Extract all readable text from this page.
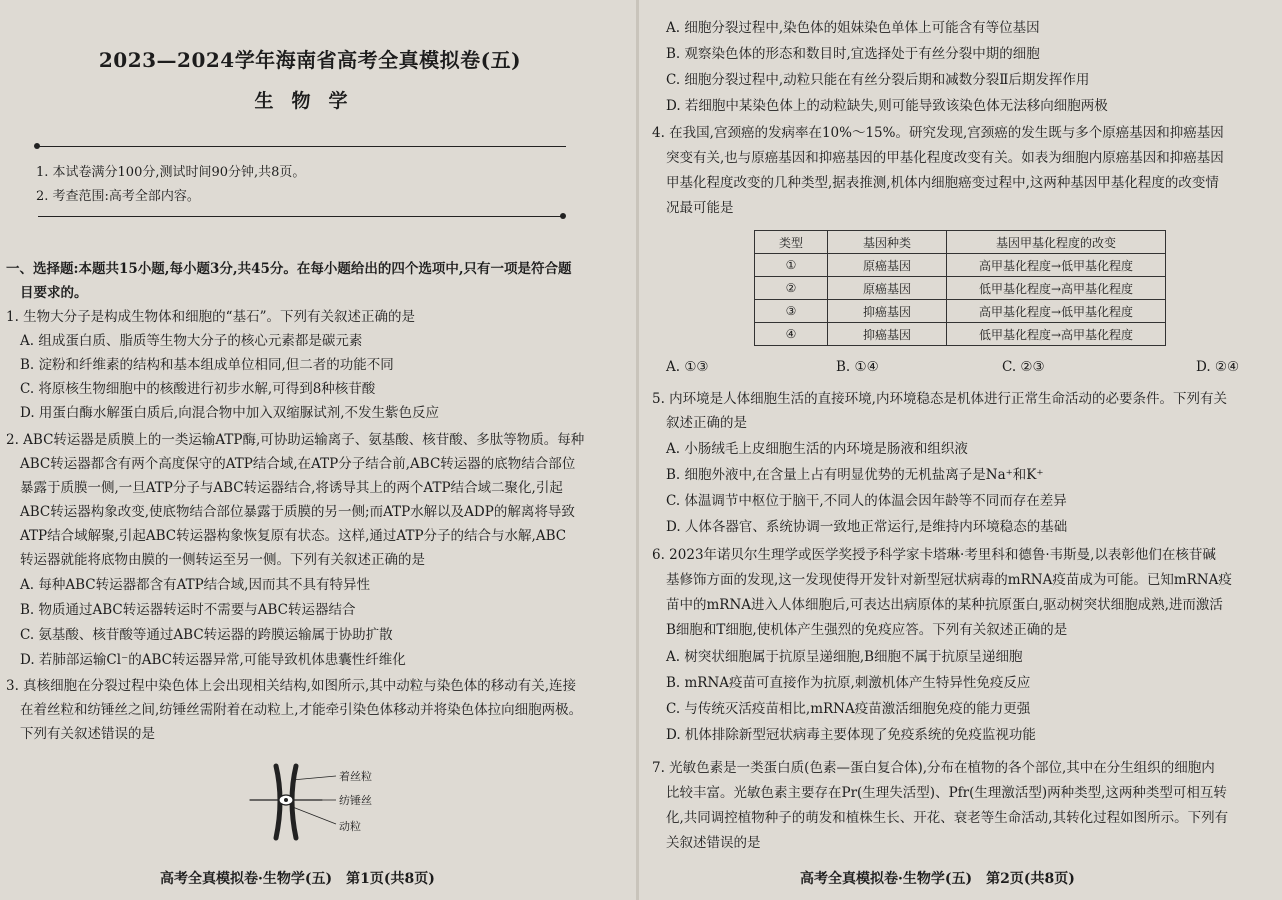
2023—2024学年海南省高考全真模拟卷(五)
生物学
1. 本试卷满分100分,测试时间90分钟,共8页。
2. 考查范围:高考全部内容。
一、选择题:本题共15小题,每小题3分,共45分。在每小题给出的四个选项中,只有一项是符合题
目要求的。
1. 生物大分子是构成生物体和细胞的“基石”。下列有关叙述正确的是
A. 组成蛋白质、脂质等生物大分子的核心元素都是碳元素
B. 淀粉和纤维素的结构和基本组成单位相同,但二者的功能不同
C. 将原核生物细胞中的核酸进行初步水解,可得到8种核苷酸
D. 用蛋白酶水解蛋白质后,向混合物中加入双缩脲试剂,不发生紫色反应
2. ABC转运器是质膜上的一类运输ATP酶,可协助运输离子、氨基酸、核苷酸、多肽等物质。每种
ABC转运器都含有两个高度保守的ATP结合域,在ATP分子结合前,ABC转运器的底物结合部位
暴露于质膜一侧,一旦ATP分子与ABC转运器结合,将诱导其上的两个ATP结合域二聚化,引起
ABC转运器构象改变,使底物结合部位暴露于质膜的另一侧;而ATP水解以及ADP的解离将导致
ATP结合域解聚,引起ABC转运器构象恢复原有状态。这样,通过ATP分子的结合与水解,ABC
转运器就能将底物由膜的一侧转运至另一侧。下列有关叙述正确的是
A. 每种ABC转运器都含有ATP结合域,因而其不具有特异性
B. 物质通过ABC转运器转运时不需要与ABC转运器结合
C. 氨基酸、核苷酸等通过ABC转运器的跨膜运输属于协助扩散
D. 若肺部运输Cl⁻的ABC转运器异常,可能导致机体患囊性纤维化
3. 真核细胞在分裂过程中染色体上会出现相关结构,如图所示,其中动粒与染色体的移动有关,连接
在着丝粒和纺锤丝之间,纺锤丝需附着在动粒上,才能牵引染色体移动并将染色体拉向细胞两极。
下列有关叙述错误的是
着丝粒
纺锤丝
动粒
高考全真模拟卷·生物学(五)　第1页(共8页)
A. 细胞分裂过程中,染色体的姐妹染色单体上可能含有等位基因
B. 观察染色体的形态和数目时,宜选择处于有丝分裂中期的细胞
C. 细胞分裂过程中,动粒只能在有丝分裂后期和减数分裂Ⅱ后期发挥作用
D. 若细胞中某染色体上的动粒缺失,则可能导致该染色体无法移向细胞两极
4. 在我国,宫颈癌的发病率在10%～15%。研究发现,宫颈癌的发生既与多个原癌基因和抑癌基因
突变有关,也与原癌基因和抑癌基因的甲基化程度改变有关。如表为细胞内原癌基因和抑癌基因
甲基化程度改变的几种类型,据表推测,机体内细胞癌变过程中,这两种基因甲基化程度的改变情
况最可能是
类型	基因种类	基因甲基化程度的改变
①	原癌基因	高甲基化程度→低甲基化程度
②	原癌基因	低甲基化程度→高甲基化程度
③	抑癌基因	高甲基化程度→低甲基化程度
④	抑癌基因	低甲基化程度→高甲基化程度
A. ①③	B. ①④	C. ②③	D. ②④
5. 内环境是人体细胞生活的直接环境,内环境稳态是机体进行正常生命活动的必要条件。下列有关
叙述正确的是
A. 小肠绒毛上皮细胞生活的内环境是肠液和组织液
B. 细胞外液中,在含量上占有明显优势的无机盐离子是Na⁺和K⁺
C. 体温调节中枢位于脑干,不同人的体温会因年龄等不同而存在差异
D. 人体各器官、系统协调一致地正常运行,是维持内环境稳态的基础
6. 2023年诺贝尔生理学或医学奖授予科学家卡塔琳·考里科和德鲁·韦斯曼,以表彰他们在核苷碱
基修饰方面的发现,这一发现使得开发针对新型冠状病毒的mRNA疫苗成为可能。已知mRNA疫
苗中的mRNA进入人体细胞后,可表达出病原体的某种抗原蛋白,驱动树突状细胞成熟,进而激活
B细胞和T细胞,使机体产生强烈的免疫应答。下列有关叙述正确的是
A. 树突状细胞属于抗原呈递细胞,B细胞不属于抗原呈递细胞
B. mRNA疫苗可直接作为抗原,刺激机体产生特异性免疫反应
C. 与传统灭活疫苗相比,mRNA疫苗激活细胞免疫的能力更强
D. 机体排除新型冠状病毒主要体现了免疫系统的免疫监视功能
7. 光敏色素是一类蛋白质(色素—蛋白复合体),分布在植物的各个部位,其中在分生组织的细胞内
比较丰富。光敏色素主要存在Pr(生理失活型)、Pfr(生理激活型)两种类型,这两种类型可相互转
化,共同调控植物种子的萌发和植株生长、开花、衰老等生命活动,其转化过程如图所示。下列有
关叙述错误的是
高考全真模拟卷·生物学(五)　第2页(共8页)
